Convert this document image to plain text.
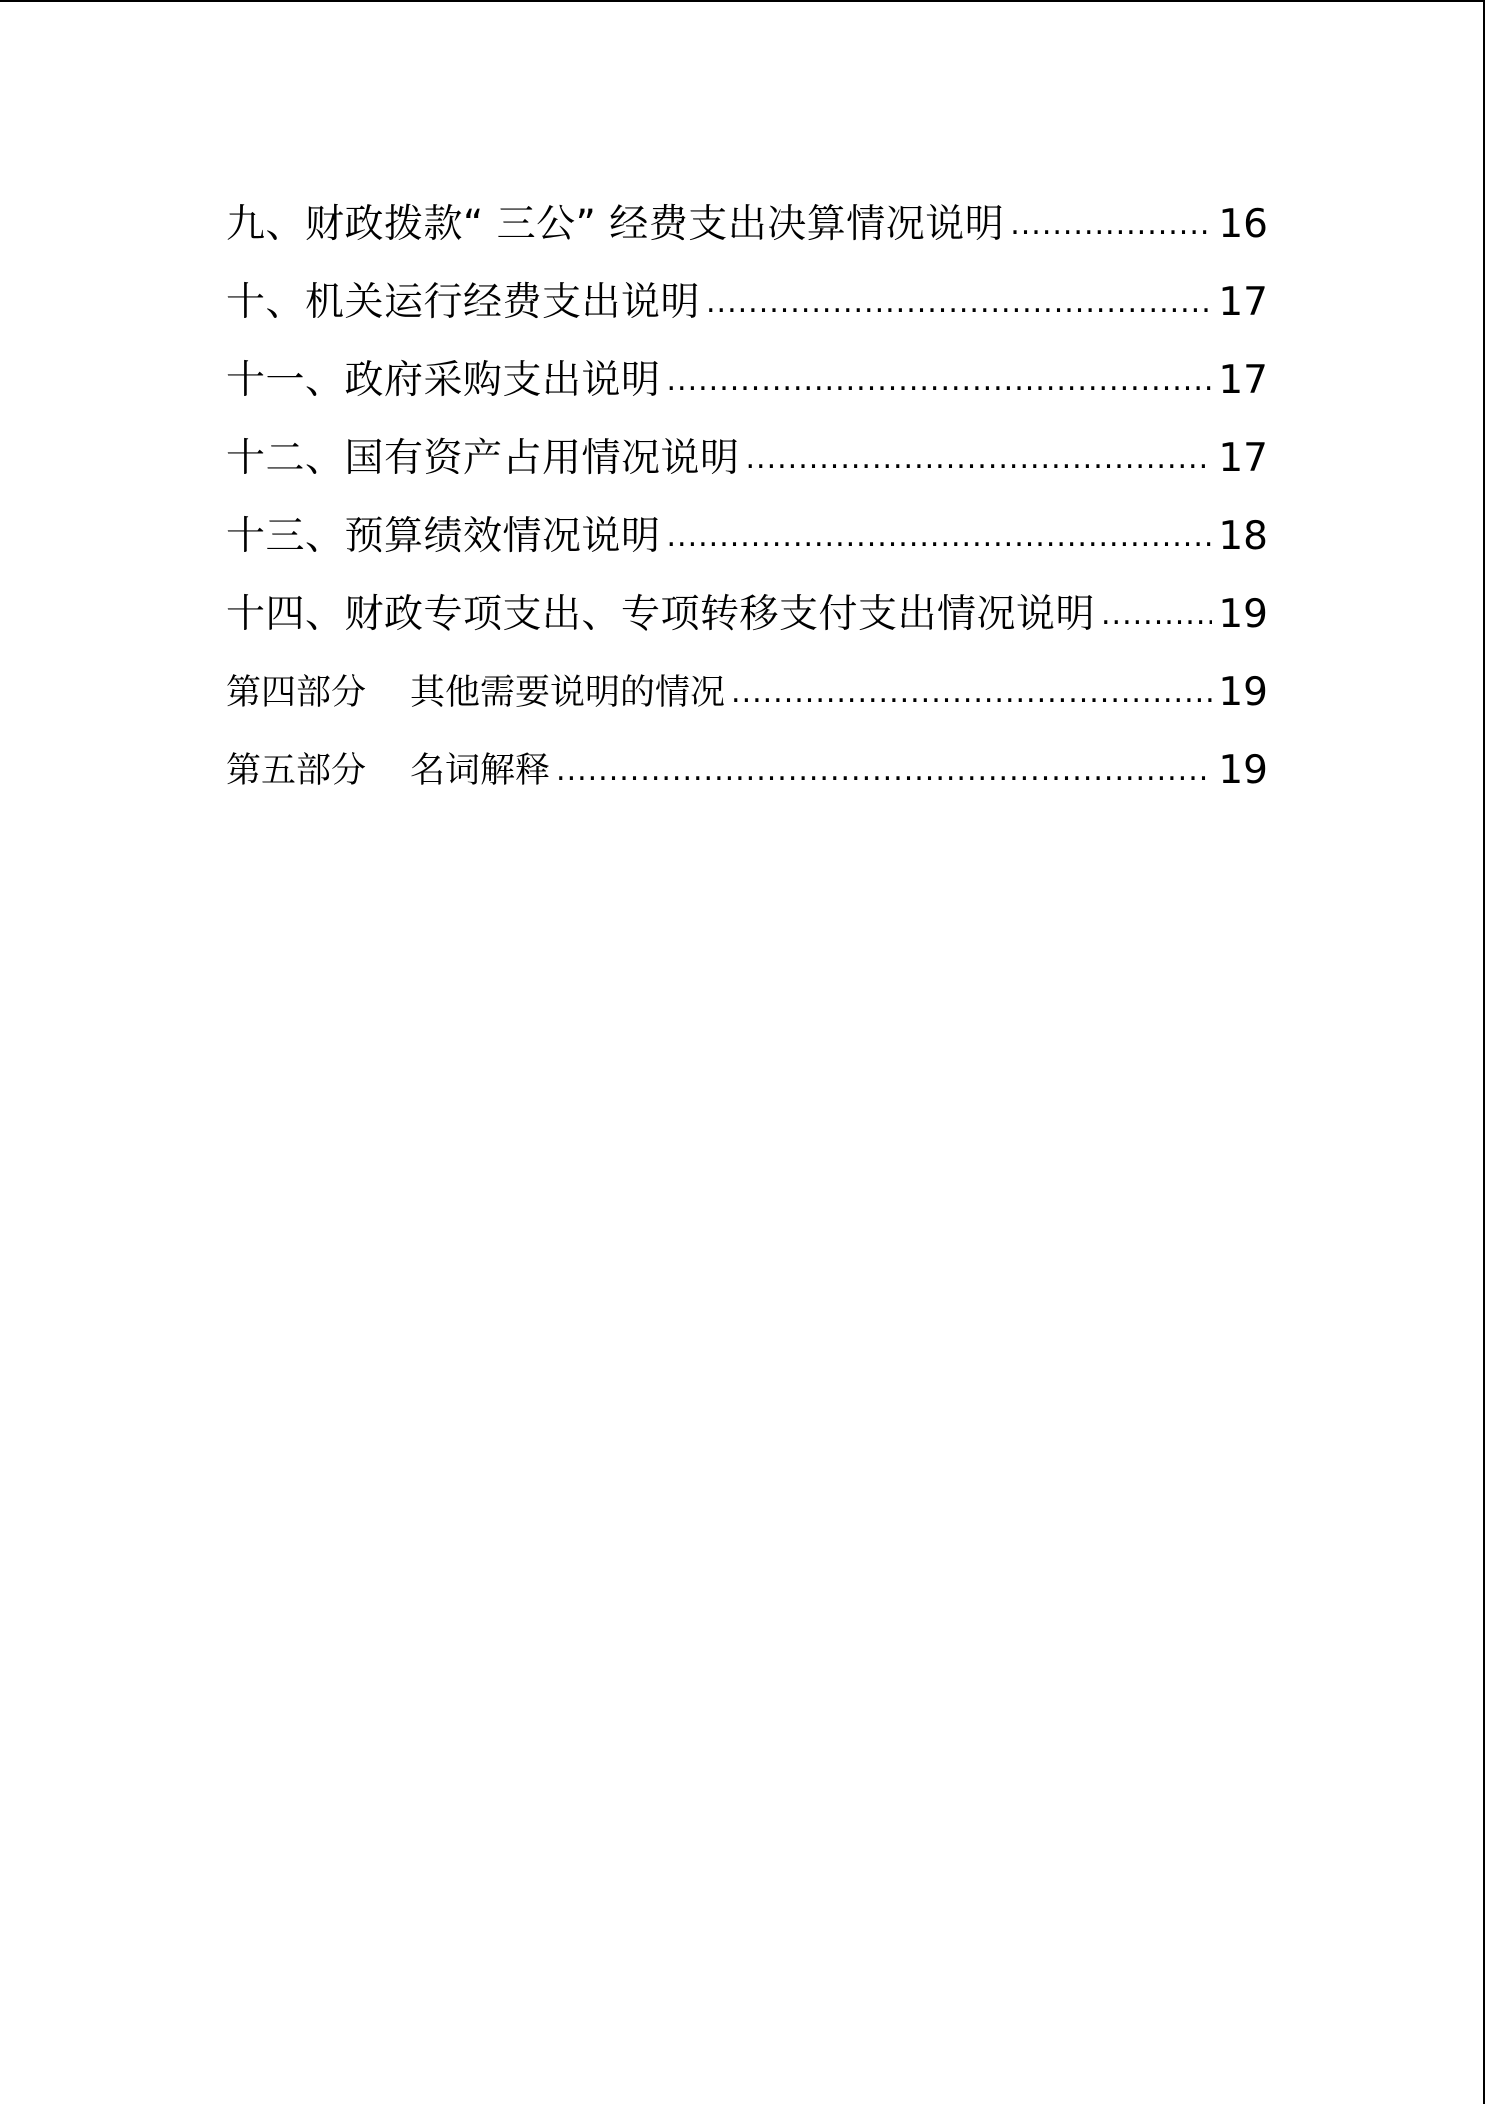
九、财政拨款“ 三公” 经费支出决算情况说明 .....	16
十、机关运行经费支出说明 .....	17
十一、政府采购支出说明 .....	17
十二、国有资产占用情况说明 .....	17
十三、预算绩效情况说明 .....	18
十四、财政专项支出、专项转移支付支出情况说明 .....	19
第四部分 其他需要说明的情况 .....	19
第五部分 名词解释 .....	19
